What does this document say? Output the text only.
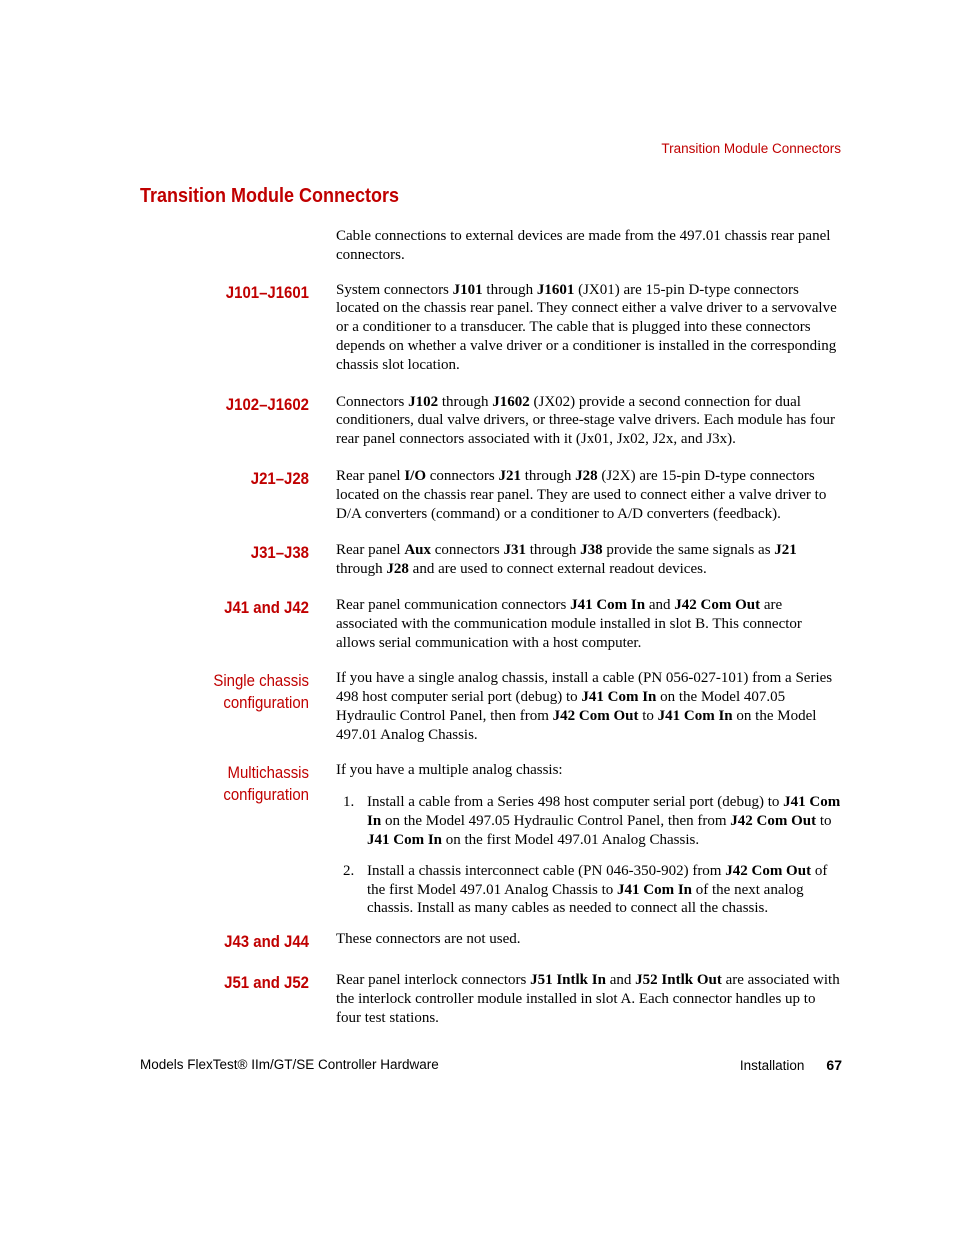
Transition Module Connectors
Transition Module Connectors

Cable connections to external devices are made from the 497.01 chassis rear panel connectors.

J101–J1601 System connectors J101 through J1601 (JX01) are 15-pin D-type connectors located on the chassis rear panel. They connect either a valve driver to a servovalve or a conditioner to a transducer. The cable that is plugged into these connectors depends on whether a valve driver or a conditioner is installed in the corresponding chassis slot location.

J102–J1602 Connectors J102 through J1602 (JX02) provide a second connection for dual conditioners, dual valve drivers, or three-stage valve drivers. Each module has four rear panel connectors associated with it (Jx01, Jx02, J2x, and J3x).

J21–J28 Rear panel I/O connectors J21 through J28 (J2X) are 15-pin D-type connectors located on the chassis rear panel. They are used to connect either a valve driver to D/A converters (command) or a conditioner to A/D converters (feedback).

J31–J38 Rear panel Aux connectors J31 through J38 provide the same signals as J21 through J28 and are used to connect external readout devices.

J41 and J42 Rear panel communication connectors J41 Com In and J42 Com Out are associated with the communication module installed in slot B. This connector allows serial communication with a host computer.

Single chassis configuration

If you have a single analog chassis, install a cable (PN 056-027-101) from a Series 498 host computer serial port (debug) to J41 Com In on the Model 407.05 Hydraulic Control Panel, then from J42 Com Out to J41 Com In on the Model 497.01 Analog Chassis.

Multichassis
configuration

If you have a multiple analog chassis:

1. Install a cable from a Series 498 host computer serial port (debug) to J41 Com In on the Model 497.05 Hydraulic Control Panel, then from J42 Com Out to J41 Com In on the first Model 497.01 Analog Chassis.
2. Install a chassis interconnect cable (PN 046-350-902) from J42 Com Out of the first Model 497.01 Analog Chassis to J41 Com In of the next analog chassis. Install as many cables as needed to connect all the chassis.
J43 and J44 These connectors are not used.

J51 and J52 Rear panel interlock connectors J51 Intlk In and J52 Intlk Out are associated with the interlock controller module installed in slot A. Each connector handles up to four test stations.

Models FlexTest® IIm/GT/SE Controller Hardware	Installation 67
